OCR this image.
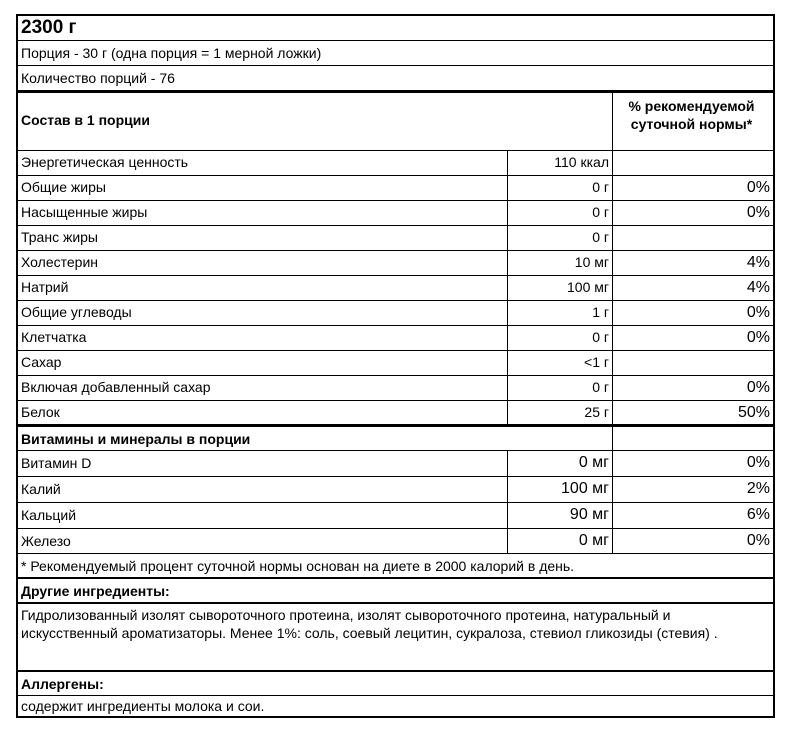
2300 г
Порция - 30 г (одна порция = 1 мерной ложки)
Количество порций - 76
Состав в 1 порции
% рекомендуемой суточной нормы*
Энергетическая ценность	110 ккал
Общие жиры	0 г	0%
Насыщенные жиры	0 г	0%
Транс жиры	0 г
Холестерин	10 мг	4%
Натрий	100 мг	4%
Общие углеводы	1 г	0%
Клетчатка	0 г	0%
Сахар	<1 г
Включая добавленный сахар	0 г	0%
Белок	25 г	50%
Витамины и минералы в порции
Витамин D	0 мг	0%
Калий	100 мг	2%
Кальций	90 мг	6%
Железо	0 мг	0%
* Рекомендуемый процент суточной нормы основан на диете в 2000 калорий в день.
Другие ингредиенты:
Гидролизованный изолят сывороточного протеина, изолят сывороточного протеина, натуральный и искусственный ароматизаторы. Менее 1%: соль, соевый лецитин, сукралоза, стевиол гликозиды (стевия) .
Аллергены:
содержит ингредиенты молока и сои.
